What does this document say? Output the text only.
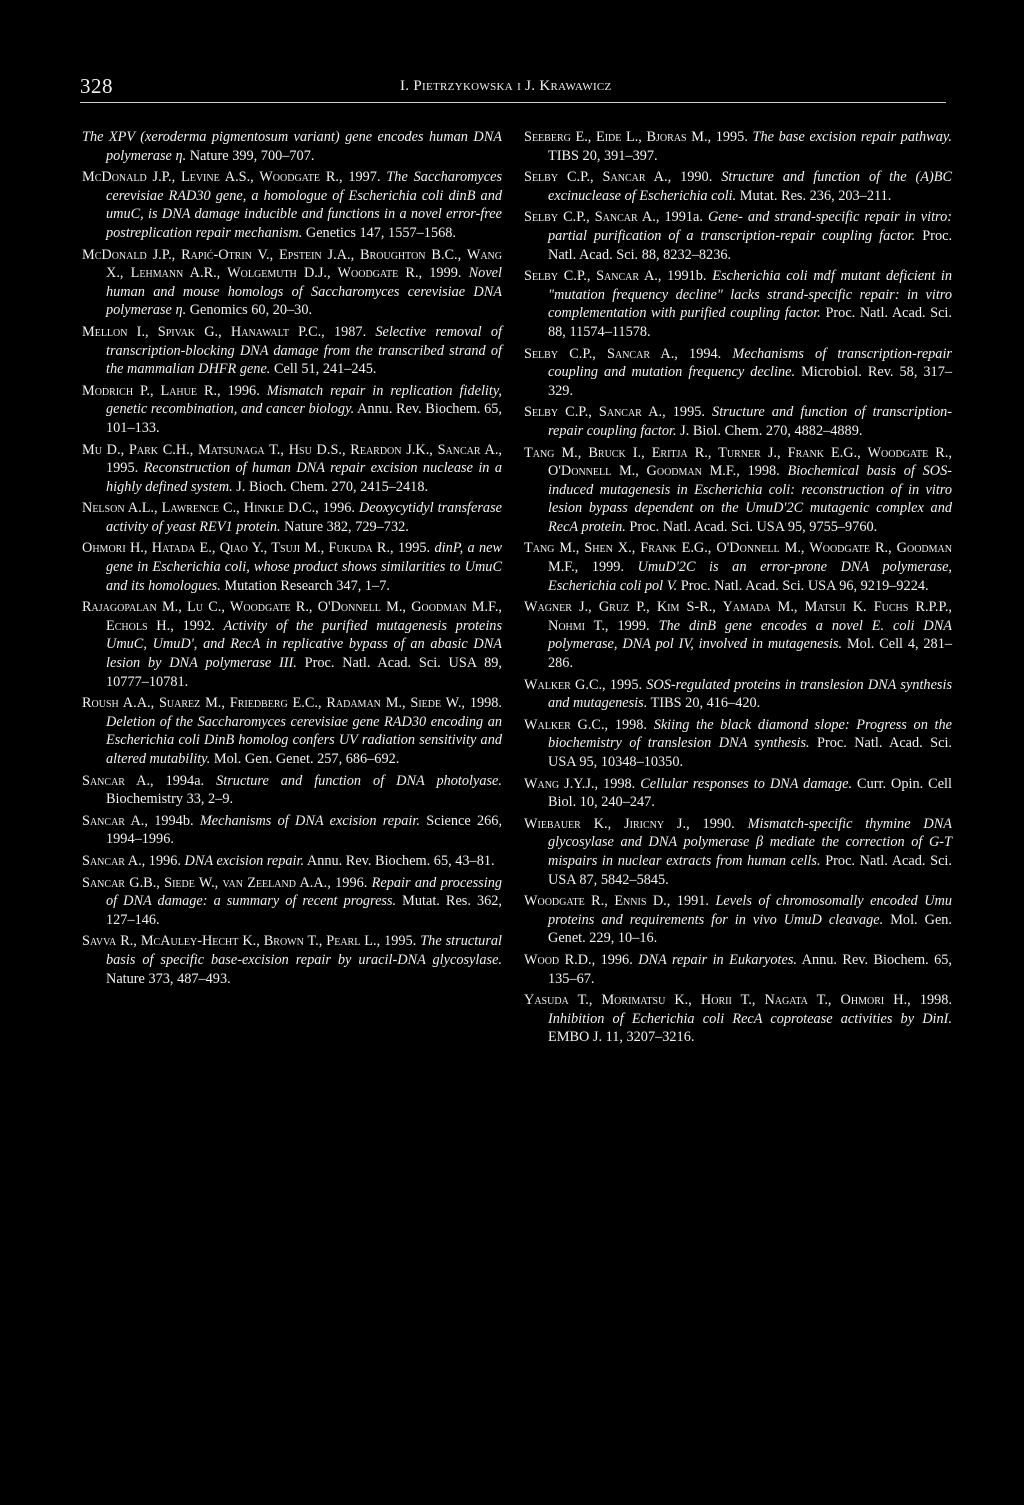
328	I. Pietrzykowska i J. Krawawicz

The XPV (xeroderma pigmentosum variant) gene encodes human DNA polymerase η. Nature 399, 700–707.

McDonald J.P., Levine A.S., Woodgate R., 1997. The Saccharomyces cerevisiae RAD30 gene, a homologue of Escherichia coli dinB and umuC, is DNA damage inducible and functions in a novel error-free postreplication repair mechanism. Genetics 147, 1557–1568.

McDonald J.P., Rapić-Otrin V., Epstein J.A., Broughton B.C., Wang X., Lehmann A.R., Wolgemuth D.J., Woodgate R., 1999. Novel human and mouse homologs of Saccharomyces cerevisiae DNA polymerase η. Genomics 60, 20–30.

Mellon I., Spivak G., Hanawalt P.C., 1987. Selective removal of transcription-blocking DNA damage from the transcribed strand of the mammalian DHFR gene. Cell 51, 241–245.

Modrich P., Lahue R., 1996. Mismatch repair in replication fidelity, genetic recombination, and cancer biology. Annu. Rev. Biochem. 65, 101–133.

Mu D., Park C.H., Matsunaga T., Hsu D.S., Reardon J.K., Sancar A., 1995. Reconstruction of human DNA repair excision nuclease in a highly defined system. J. Bioch. Chem. 270, 2415–2418.

Nelson A.L., Lawrence C., Hinkle D.C., 1996. Deoxycytidyl transferase activity of yeast REV1 protein. Nature 382, 729–732.

Ohmori H., Hatada E., Qiao Y., Tsuji M., Fukuda R., 1995. dinP, a new gene in Escherichia coli, whose product shows similarities to UmuC and its homologues. Mutation Research 347, 1–7.

Rajagopalan M., Lu C., Woodgate R., O'Donnell M., Goodman M.F., Echols H., 1992. Activity of the purified mutagenesis proteins UmuC, UmuD', and RecA in replicative bypass of an abasic DNA lesion by DNA polymerase III. Proc. Natl. Acad. Sci. USA 89, 10777–10781.

Roush A.A., Suarez M., Friedberg E.C., Radaman M., Siede W., 1998. Deletion of the Saccharomyces cerevisiae gene RAD30 encoding an Escherichia coli DinB homolog confers UV radiation sensitivity and altered mutability. Mol. Gen. Genet. 257, 686–692.

Sancar A., 1994a. Structure and function of DNA photolyase. Biochemistry 33, 2–9.

Sancar A., 1994b. Mechanisms of DNA excision repair. Science 266, 1994–1996.

Sancar A., 1996. DNA excision repair. Annu. Rev. Biochem. 65, 43–81.

Sancar G.B., Siede W., van Zeeland A.A., 1996. Repair and processing of DNA damage: a summary of recent progress. Mutat. Res. 362, 127–146.

Savva R., McAuley-Hecht K., Brown T., Pearl L., 1995. The structural basis of specific base-excision repair by uracil-DNA glycosylase. Nature 373, 487–493.

Seeberg E., Eide L., Bjoras M., 1995. The base excision repair pathway. TIBS 20, 391–397.

Selby C.P., Sancar A., 1990. Structure and function of the (A)BC excinuclease of Escherichia coli. Mutat. Res. 236, 203–211.

Selby C.P., Sancar A., 1991a. Gene- and strand-specific repair in vitro: partial purification of a transcription-repair coupling factor. Proc. Natl. Acad. Sci. 88, 8232–8236.

Selby C.P., Sancar A., 1991b. Escherichia coli mdf mutant deficient in "mutation frequency decline" lacks strand-specific repair: in vitro complementation with purified coupling factor. Proc. Natl. Acad. Sci. 88, 11574–11578.

Selby C.P., Sancar A., 1994. Mechanisms of transcription-repair coupling and mutation frequency decline. Microbiol. Rev. 58, 317–329.

Selby C.P., Sancar A., 1995. Structure and function of transcription-repair coupling factor. J. Biol. Chem. 270, 4882–4889.

Tang M., Bruck I., Eritja R., Turner J., Frank E.G., Woodgate R., O'Donnell M., Goodman M.F., 1998. Biochemical basis of SOS-induced mutagenesis in Escherichia coli: reconstruction of in vitro lesion bypass dependent on the UmuD'2C mutagenic complex and RecA protein. Proc. Natl. Acad. Sci. USA 95, 9755–9760.

Tang M., Shen X., Frank E.G., O'Donnell M., Woodgate R., Goodman M.F., 1999. UmuD'2C is an error-prone DNA polymerase, Escherichia coli pol V. Proc. Natl. Acad. Sci. USA 96, 9219–9224.

Wagner J., Gruz P., Kim S-R., Yamada M., Matsui K. Fuchs R.P.P., Nohmi T., 1999. The dinB gene encodes a novel E. coli DNA polymerase, DNA pol IV, involved in mutagenesis. Mol. Cell 4, 281–286.

Walker G.C., 1995. SOS-regulated proteins in translesion DNA synthesis and mutagenesis. TIBS 20, 416–420.

Walker G.C., 1998. Skiing the black diamond slope: Progress on the biochemistry of translesion DNA synthesis. Proc. Natl. Acad. Sci. USA 95, 10348–10350.

Wang J.Y.J., 1998. Cellular responses to DNA damage. Curr. Opin. Cell Biol. 10, 240–247.

Wiebauer K., Jiricny J., 1990. Mismatch-specific thymine DNA glycosylase and DNA polymerase β mediate the correction of G-T mispairs in nuclear extracts from human cells. Proc. Natl. Acad. Sci. USA 87, 5842–5845.

Woodgate R., Ennis D., 1991. Levels of chromosomally encoded Umu proteins and requirements for in vivo UmuD cleavage. Mol. Gen. Genet. 229, 10–16.

Wood R.D., 1996. DNA repair in Eukaryotes. Annu. Rev. Biochem. 65, 135–67.

Yasuda T., Morimatsu K., Horii T., Nagata T., Ohmori H., 1998. Inhibition of Echerichia coli RecA coprotease activities by DinI. EMBO J. 11, 3207–3216.
